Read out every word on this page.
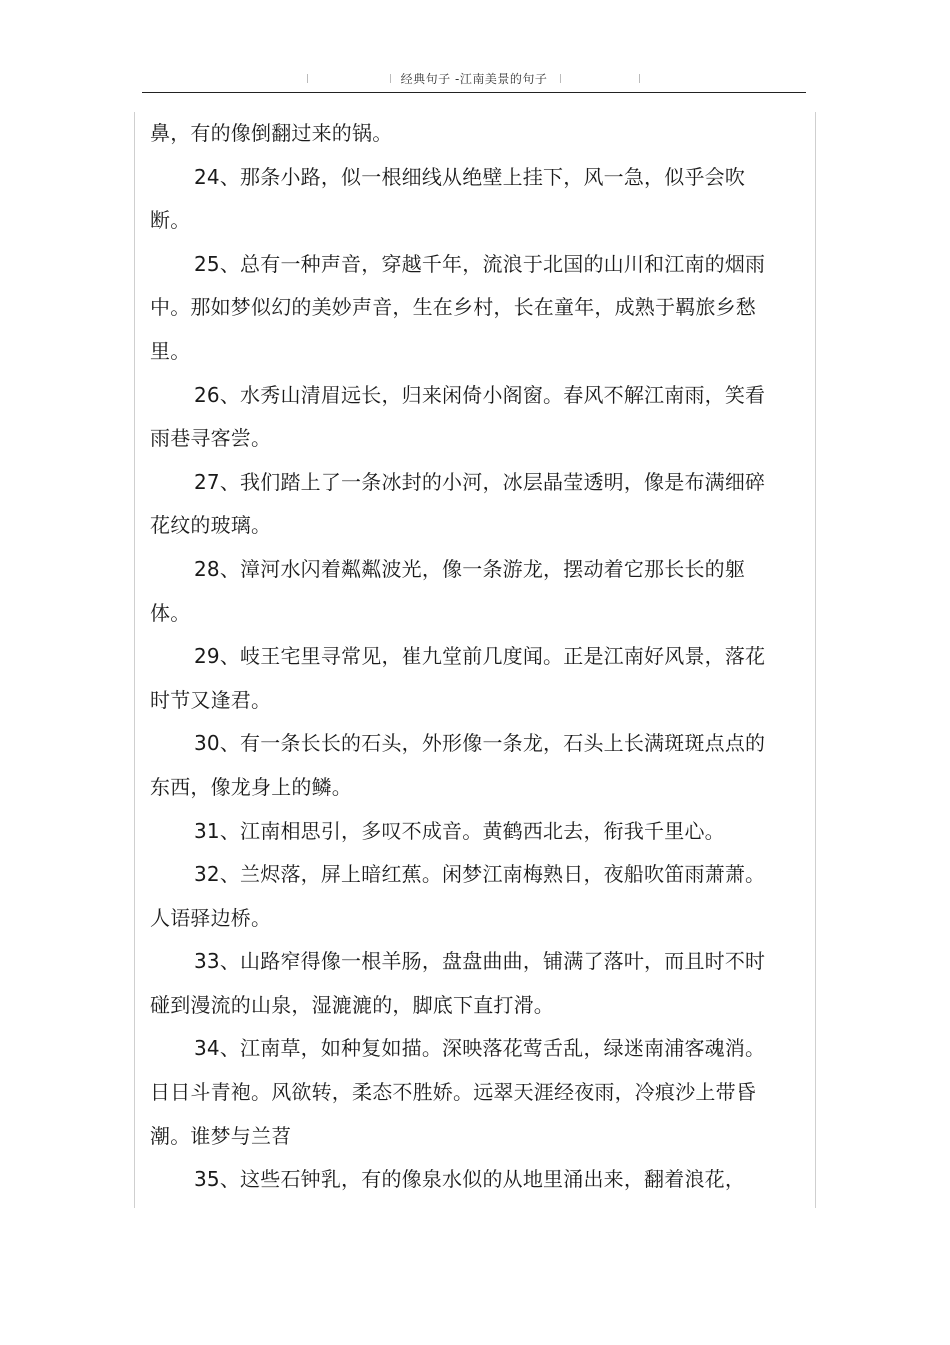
经典句子 -江南美景的句子

鼻，有的像倒翻过来的锅。

24、那条小路，似一根细线从绝壁上挂下，风一急，似乎会吹断。

25、总有一种声音，穿越千年，流浪于北国的山川和江南的烟雨中。那如梦似幻的美妙声音，生在乡村，长在童年，成熟于羁旅乡愁里。

26、水秀山清眉远长，归来闲倚小阁窗。春风不解江南雨，笑看雨巷寻客尝。

27、我们踏上了一条冰封的小河，冰层晶莹透明，像是布满细碎花纹的玻璃。

28、漳河水闪着粼粼波光，像一条游龙，摆动着它那长长的躯体。

29、岐王宅里寻常见，崔九堂前几度闻。正是江南好风景，落花时节又逢君。

30、有一条长长的石头，外形像一条龙，石头上长满斑斑点点的东西，像龙身上的鳞。

31、江南相思引，多叹不成音。黄鹤西北去，衔我千里心。

32、兰烬落，屏上暗红蕉。闲梦江南梅熟日，夜船吹笛雨萧萧。人语驿边桥。

33、山路窄得像一根羊肠，盘盘曲曲，铺满了落叶，而且时不时碰到漫流的山泉，湿漉漉的，脚底下直打滑。

34、江南草，如种复如描。深映落花莺舌乱，绿迷南浦客魂消。日日斗青袍。风欲转，柔态不胜娇。远翠天涯经夜雨，冷痕沙上带昏潮。谁梦与兰苕

35、这些石钟乳，有的像泉水似的从地里涌出来，翻着浪花，
